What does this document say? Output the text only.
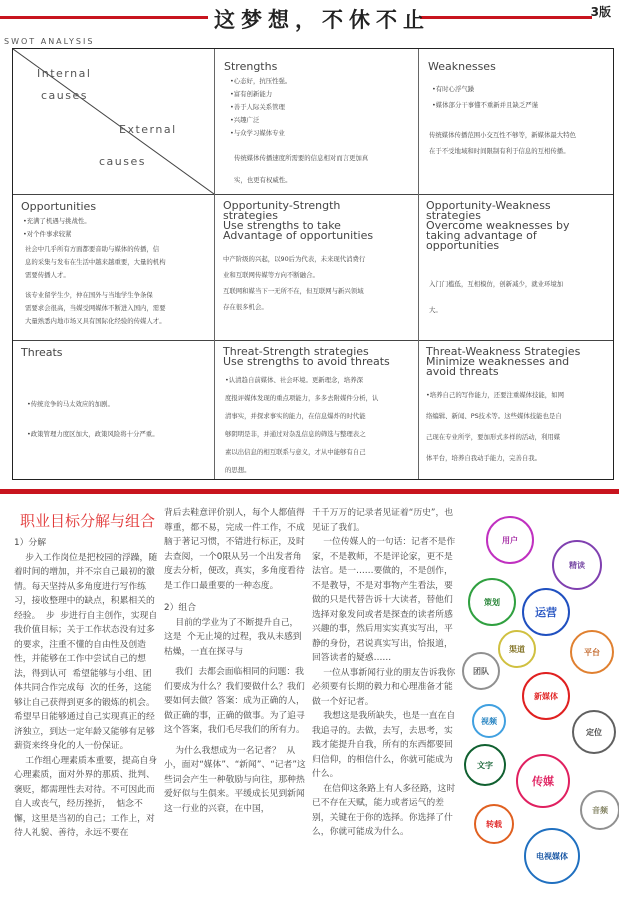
这梦想，不休不止	3版
SWOT ANALYSIS
Internal
causes
External
causes
Strengths
•心态好，抗压性强。
•富有创新能力
•善于人际关系管理
•兴趣广泛
•与众学习媒体专业
传统媒体传播速度所需要的信息相对而言更加真
实，也更有权威性。
Weaknesses
•有时心浮气躁
•媒体部分干事懂不重新并且缺乏严谨
传统媒体传播范围小交互性不够等，新媒体最大特色
在于不受地域和时间限制有利于信息的互相传播。
Opportunities
•充满了机遇与挑战性。
•对个件事求较紧
社会中几乎所有方面都要音助与媒体的传播，信
息的采集与发布在生活中越来越重要，大量的机构
需要传播人才。
该专业留学生少，仲在国外与当地学生争条保
需要求会很高，当媒受网媒体不断进入国内，需要
大量熟悉内地市场又具有国际化经验的传媒人才。
Opportunity-Strength
strategies
Use strengths to take
Advantage of opportunities
中产阶级的兴起，以90后为代表，未来现代消费行
业和互联网传媒等方向不断融合。
互联网和媒当下一无所不在，但互联网与新兴领域
存在很多机会。
Opportunity-Weakness
strategies
Overcome weaknesses by
taking advantage of
opportunities
入门门槛低，互相模仿，创新减少，就业环境加
大。
Threats
•传统竞争的马太效应的加剧。
•政策管理力度区加大，政策风险将十分严重。
Threat-Strength strategies
Use strengths to avoid threats
•认清趋自前媒体、社会环境。更新理念，培养深
度报评媒体发现的重点项能力，多多去附媒件分析，认
清事实，并探求事实的能力，在信息爆炸的时代能
够阴明是非，并通过对杂乱信息的筛选与整理表之
素以出信息的相互联系与意义，才从中能够有自己
的思想。
Threat-Weakness Strategies
Minimize weaknesses and
avoid threats
•培养自己的写作能力，还要注重媒体技能，如网
络编辑、新闻、PS技术等。这些媒体技能也是自
己现在专业所学，要加形式多样的活动，利用媒
体平台，培养自我动手能力，完善自我。
职业目标分解与组合

1）分解

步入工作岗位是把校园的浮躁，随着时间的增加，并不宗自己最初的激情。每天坚持从多角度进行写作练习，接收整理中的缺点，积累相关的经验。  步  步进行自主创作，实现自我价值目标；关于工作状态没有过多的要求，注重不懂的自由性及创造性，并能够在工作中尝试自己的想法，得到认可  希望能够与小组、团体共同合作完成每  次的任务，这能够让自己获得到更多的锻炼的机会。希望早日能够通过自己实现真正的经济独立，到达一定年龄又能够有足够薪资来终身化的人一份保证。

工作组心理素质本重要，提高自身心理素质，面对外界的那质、批判、褒贬，都需理性去对待。不可因此而自人或丧气，经历挫折，  惦念不懈，这里是当初的自己；工作上，对待人礼貌、善待，永远不要在

背后去鞋意评价别人，每个人都值得尊重，都不易，完成一件工作，不成脑于著记习惯，不错进行标正，及时去查阅，一个0限从另一个出发者角度去分析，便改，真实，多角度看待是工作口最重要的一种态度。

2）组合

目前的学业为了不断提升自己，这是  个无止境的过程，我从未感到枯燥，一直在探寻与

我们  去都会面临相同的问题：我们要成为什么？我们要做什么？我们要如何去做？答案：成为正确的人，做正确的事，正确的做事。为了追寻这个答案，我们毛尽我们的所有力。

为什么我想成为一名记者？  从小，面对“媒体”、“新闻”、“记者”这些词会产生一种敬励与向往，那种热爱好似与生俱来。平缓成长见到新闻这一行业的兴衰，在中国，

千千万万的记录者见证着“历史”，也见证了我们。

一位传媒人的一句话：记者不是作家，不是教师，不是评论家，更不是法官。是一……要做的，不是创作，不是教导，不是对事物产生看法，要做的只是代替告诉十大读者，替他们选择对象发问或者是探查的读者所感兴趣的事，然后用实实真实写出，平静的身份，君说真实写出，恰报道，回答读者的疑惑……

一位从事新闻行业的朋友告诉我你必须要有长期的毅力和心理准备才能做一个好记者。

我想这是我所缺失，也是一直在自我追寻的。去做，去写，去思考，实践才能提升自我，所有的东西都要回归信仰，的相信什么，你就可能成为什么。

在信仰这条路上有人多径路，这时已不存在天赋，能力或者运气的差别，关键在于你的选择。你选择了什么，你就可能成为什么。

用户
精读
策划
运营
渠道	平台
团队
新媒体
定位
视频
文字
传媒
音频
转载
电视媒体
